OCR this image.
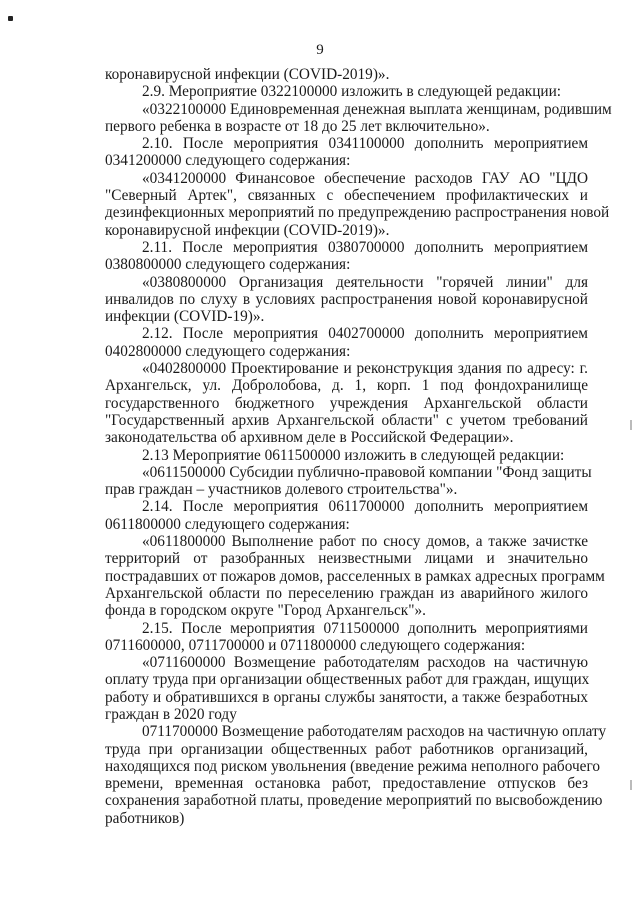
9
коронавирусной инфекции (COVID-2019)».
2.9. Мероприятие 0322100000 изложить в следующей редакции:
«0322100000 Единовременная денежная выплата женщинам, родившим
первого ребенка в возрасте от 18 до 25 лет включительно».
2.10. После мероприятия 0341100000 дополнить мероприятием
0341200000 следующего содержания:
«0341200000 Финансовое обеспечение расходов ГАУ АО "ЦДО
"Северный Артек", связанных с обеспечением профилактических и
дезинфекционных мероприятий по предупреждению распространения новой
коронавирусной инфекции (COVID-2019)».
2.11. После мероприятия 0380700000 дополнить мероприятием
0380800000 следующего содержания:
«0380800000 Организация деятельности "горячей линии" для
инвалидов по слуху в условиях распространения новой коронавирусной
инфекции (COVID-19)».
2.12. После мероприятия 0402700000 дополнить мероприятием
0402800000 следующего содержания:
«0402800000 Проектирование и реконструкция здания по адресу: г.
Архангельск, ул. Доброл​обова, д. 1, корп. 1 под фондохранилище
государственного бюджетного учреждения Архангельской области
"Государственный архив Архангельской области" с учетом требований
законодательства об архивном деле в Российской Федерации».
2.13 Мероприятие 0611500000 изложить в следующей редакции:
«0611500000 Субсидии публично-правовой компании "Фонд защиты
прав граждан – участников долевого строительства"».
2.14. После мероприятия 0611700000 дополнить мероприятием
0611800000 следующего содержания:
«0611800000 Выполнение работ по сносу домов, а также зачистке
территорий от разобранных неизвестными лицами и значительно
пострадавших от пожаров домов, расселенных в рамках адресных программ
Архангельской области по переселению граждан из аварийного жилого
фонда в городском округе "Город Архангельск"».
2.15. После мероприятия 0711500000 дополнить мероприятиями
0711600000, 0711700000 и 0711800000 следующего содержания:
«0711600000 Возмещение работодателям расходов на частичную
оплату труда при организации общественных работ для граждан, ищущих
работу и обратившихся в органы службы занятости, а также безработных
граждан в 2020 году
0711700000 Возмещение работодателям расходов на частичную оплату
труда при организации общественных работ работников организаций,
находящихся под риском увольнения (введение режима неполного рабочего
времени, временная остановка работ, предоставление отпусков без
сохранения заработной платы, проведение мероприятий по высвобождению
работников)
